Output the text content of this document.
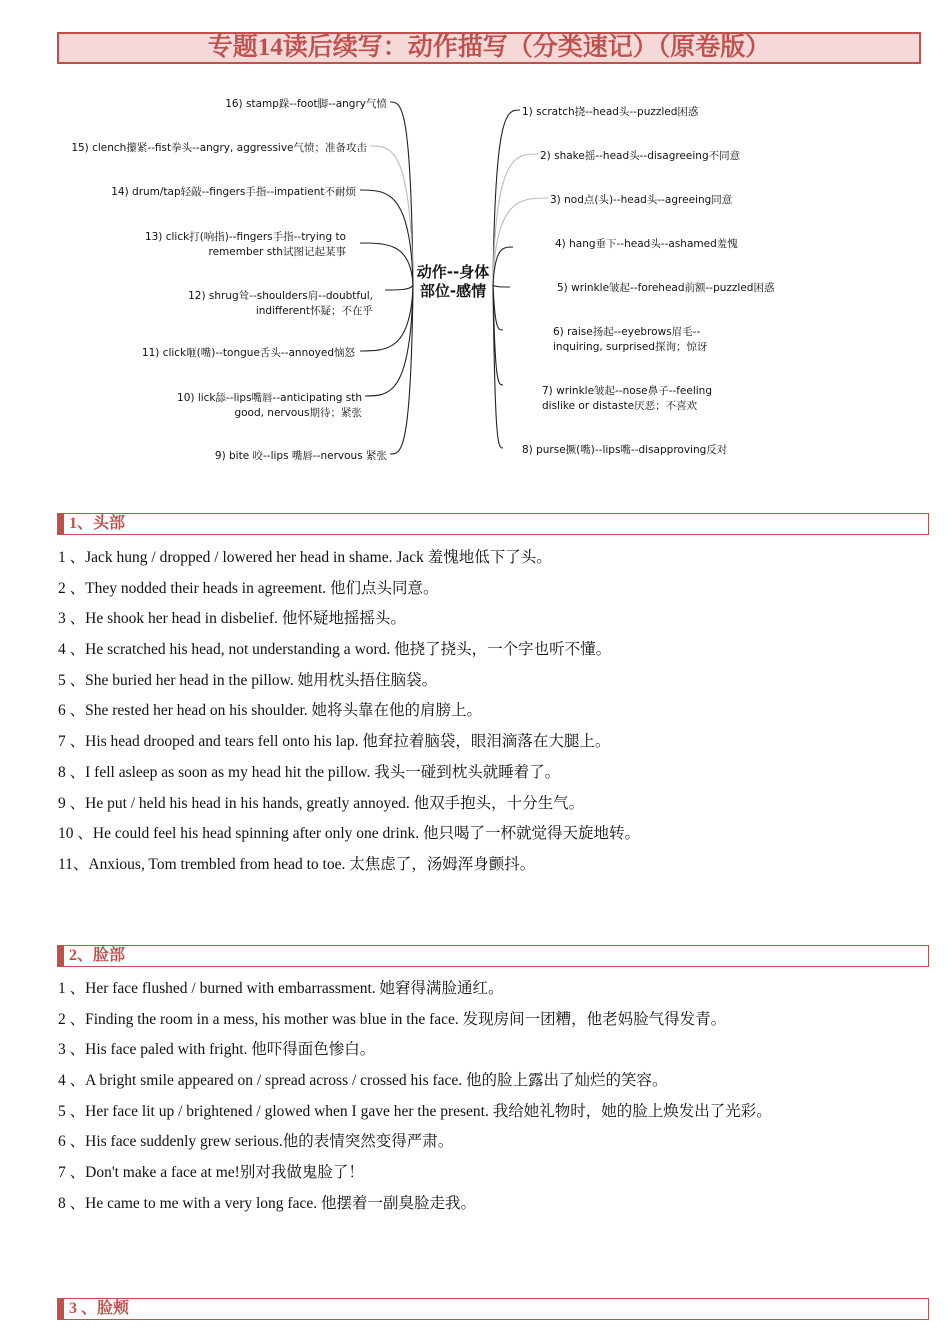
专题14读后续写：动作描写（分类速记）（原卷版）
1) scratch挠--head头--puzzled困惑
2) shake摇--head头--disagreeing不同意
3) nod点(头)--head头--agreeing同意
4) hang垂下--head头--ashamed羞愧
5) wrinkle皱起--forehead前额--puzzled困惑
6) raise扬起--eyebrows眉毛--inquiring, surprised探询；惊讶
7) wrinkle皱起--nose鼻子--feeling dislike or distaste厌恶；不喜欢
8) purse撅(嘴)--lips嘴--disapproving反对
16) stamp跺--foot脚--angry气愤
15) clench攥紧--fist拳头--angry, aggressive气愤；准备攻击
14) drum/tap轻敲--fingers手指--impatient不耐烦
13) click打(响指)--fingers手指--trying to remember sth试图记起某事
12) shrug耸--shoulders肩--doubtful, indifferent怀疑；不在乎
11) click咂(嘴)--tongue舌头--annoyed恼怒
10) lick舔--lips嘴唇--anticipating sth good, nervous期待；紧张
9) bite 咬--lips 嘴唇--nervous 紧张
动作--身体
部位-感情
1、头部
1 、Jack hung / dropped / lowered her head in shame. Jack 羞愧地低下了头。
2 、They nodded their heads in agreement. 他们点头同意。
3 、He shook her head in disbelief. 他怀疑地摇摇头。
4 、He scratched his head, not understanding a word. 他挠了挠头，一个字也听不懂。
5 、She buried her head in the pillow. 她用枕头捂住脑袋。
6 、She rested her head on his shoulder. 她将头靠在他的肩膀上。
7 、His head drooped and tears fell onto his lap. 他耷拉着脑袋，眼泪滴落在大腿上。
8 、I fell asleep as soon as my head hit the pillow. 我头一碰到枕头就睡着了。
9 、He put / held his head in his hands, greatly annoyed. 他双手抱头，十分生气。
10 、He could feel his head spinning after only one drink. 他只喝了一杯就觉得天旋地转。
11、Anxious, Tom trembled from head to toe. 太焦虑了，汤姆浑身颤抖。
2、脸部
1 、Her face flushed / burned with embarrassment. 她窘得满脸通红。
2 、Finding the room in a mess, his mother was blue in the face. 发现房间一团糟，他老妈脸气得发青。
3 、His face paled with fright. 他吓得面色惨白。
4 、A bright smile appeared on / spread across / crossed his face. 他的脸上露出了灿烂的笑容。
5 、Her face lit up / brightened / glowed when I gave her the present. 我给她礼物时，她的脸上焕发出了光彩。
6 、His face suddenly grew serious.他的表情突然变得严肃。
7 、Don't make a face at me!别对我做鬼脸了！
8 、He came to me with a very long face. 他摆着一副臭脸走我。
3 、脸颊
